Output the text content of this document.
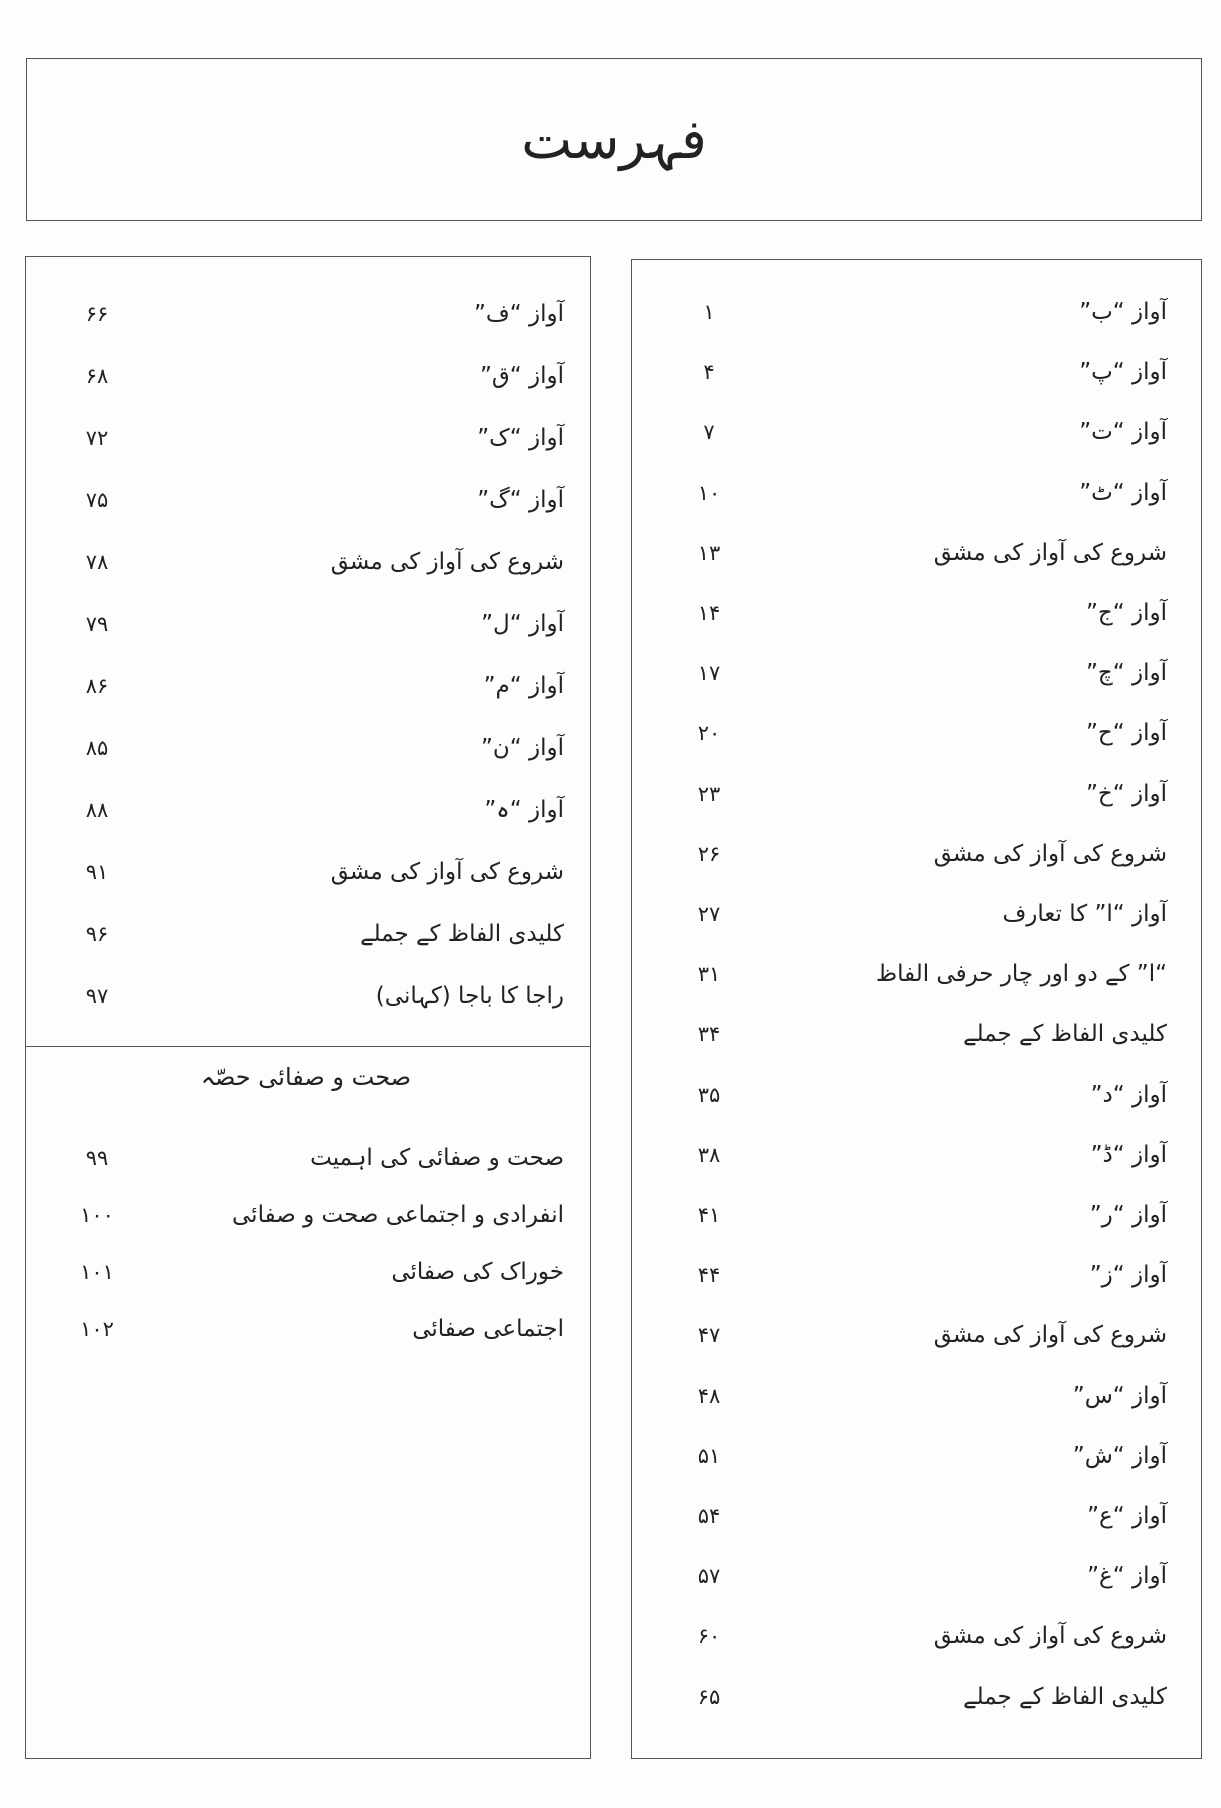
فہرست
آواز “ب”
۱
آواز “پ”
۴
آواز “ت”
۷
آواز “ٹ”
۱۰
شروع کی آواز کی مشق
۱۳
آواز “ج”
۱۴
آواز “چ”
۱۷
آواز “ح”
۲۰
آواز “خ”
۲۳
شروع کی آواز کی مشق
۲۶
آواز “ا” کا تعارف
۲۷
“ا” کے دو اور چار حرفی الفاظ
۳۱
کلیدی الفاظ کے جملے
۳۴
آواز “د”
۳۵
آواز “ڈ”
۳۸
آواز “ر”
۴۱
آواز “ز”
۴۴
شروع کی آواز کی مشق
۴۷
آواز “س”
۴۸
آواز “ش”
۵۱
آواز “ع”
۵۴
آواز “غ”
۵۷
شروع کی آواز کی مشق
۶۰
کلیدی الفاظ کے جملے
۶۵
صحت و صفائی حصّہ
آواز “ف”
۶۶
آواز “ق”
۶۸
آواز “ک”
۷۲
آواز “گ”
۷۵
شروع کی آواز کی مشق
۷۸
آواز “ل”
۷۹
آواز “م”
۸۶
آواز “ن”
۸۵
آواز “ہ”
۸۸
شروع کی آواز کی مشق
۹۱
کلیدی الفاظ کے جملے
۹۶
راجا کا باجا (کہانی)
۹۷
صحت و صفائی کی اہمیت
۹۹
انفرادی و اجتماعی صحت و صفائی
۱۰۰
خوراک کی صفائی
۱۰۱
اجتماعی صفائی
۱۰۲
